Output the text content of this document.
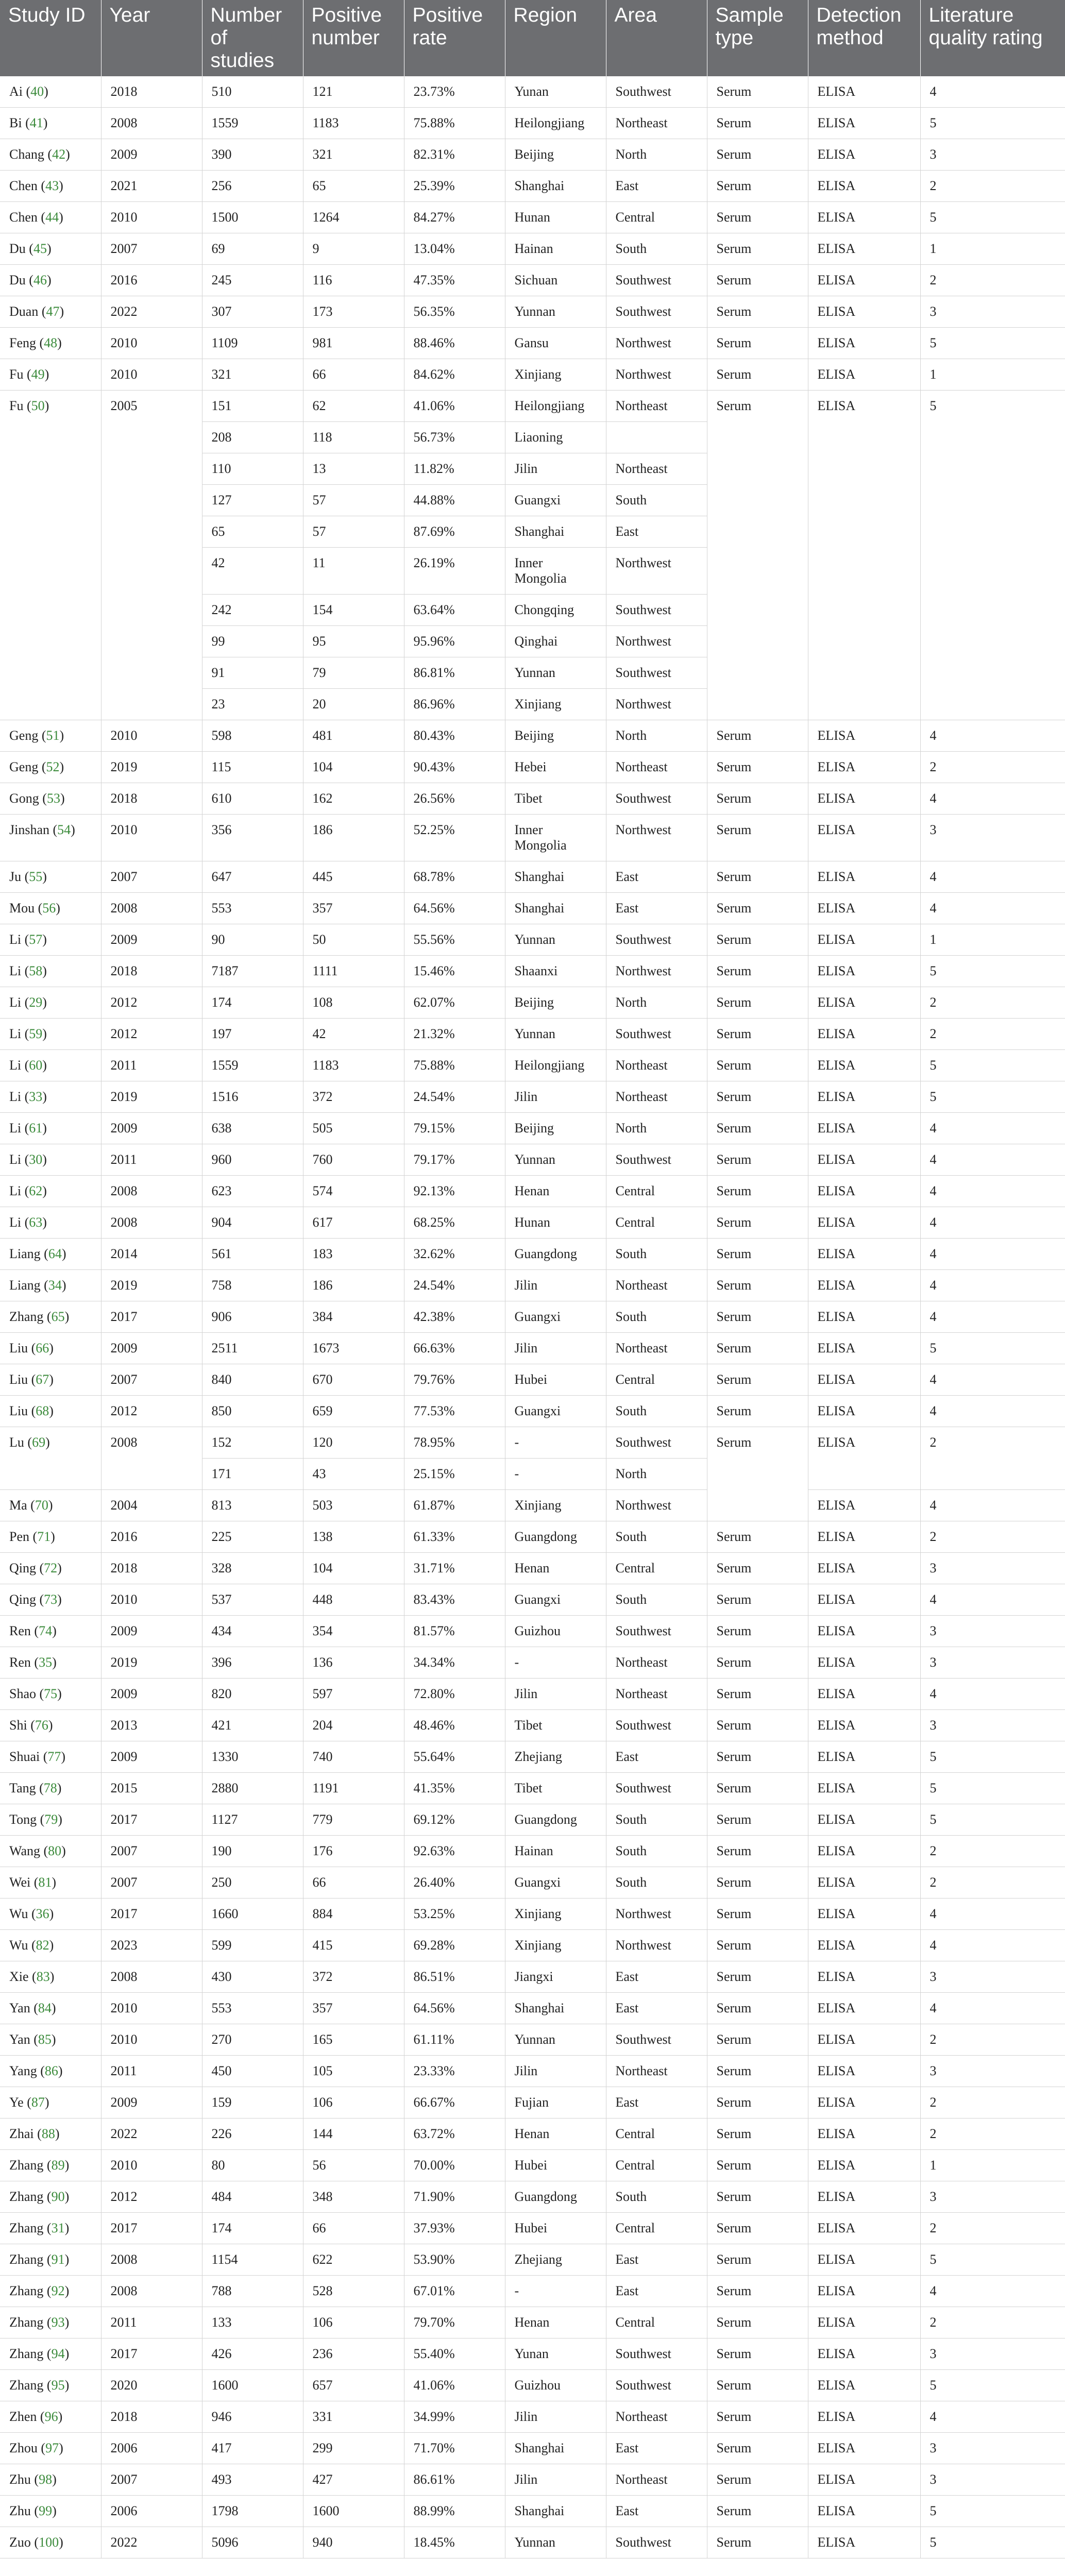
Study ID	Year	Number of studies	Positive number	Positive rate	Region	Area	Sample type	Detection method	Literature quality rating
Ai (40)	2018	510	121	23.73%	Yunan	Southwest	Serum	ELISA	4
Bi (41)	2008	1559	1183	75.88%	Heilongjiang	Northeast	Serum	ELISA	5
Chang (42)	2009	390	321	82.31%	Beijing	North	Serum	ELISA	3
Chen (43)	2021	256	65	25.39%	Shanghai	East	Serum	ELISA	2
Chen (44)	2010	1500	1264	84.27%	Hunan	Central	Serum	ELISA	5
Du (45)	2007	69	9	13.04%	Hainan	South	Serum	ELISA	1
Du (46)	2016	245	116	47.35%	Sichuan	Southwest	Serum	ELISA	2
Duan (47)	2022	307	173	56.35%	Yunnan	Southwest	Serum	ELISA	3
Feng (48)	2010	1109	981	88.46%	Gansu	Northwest	Serum	ELISA	5
Fu (49)	2010	321	66	84.62%	Xinjiang	Northwest	Serum	ELISA	1
Fu (50)	2005	151	62	41.06%	Heilongjiang	Northeast	Serum	ELISA	5
		208	118	56.73%	Liaoning				
		110	13	11.82%	Jilin	Northeast			
		127	57	44.88%	Guangxi	South			
		65	57	87.69%	Shanghai	East			
		42	11	26.19%	Inner Mongolia	Northwest			
		242	154	63.64%	Chongqing	Southwest			
		99	95	95.96%	Qinghai	Northwest			
		91	79	86.81%	Yunnan	Southwest			
		23	20	86.96%	Xinjiang	Northwest			
Geng (51)	2010	598	481	80.43%	Beijing	North	Serum	ELISA	4
Geng (52)	2019	115	104	90.43%	Hebei	Northeast	Serum	ELISA	2
Gong (53)	2018	610	162	26.56%	Tibet	Southwest	Serum	ELISA	4
Jinshan (54)	2010	356	186	52.25%	Inner Mongolia	Northwest	Serum	ELISA	3
Ju (55)	2007	647	445	68.78%	Shanghai	East	Serum	ELISA	4
Mou (56)	2008	553	357	64.56%	Shanghai	East	Serum	ELISA	4
Li (57)	2009	90	50	55.56%	Yunnan	Southwest	Serum	ELISA	1
Li (58)	2018	7187	1111	15.46%	Shaanxi	Northwest	Serum	ELISA	5
Li (29)	2012	174	108	62.07%	Beijing	North	Serum	ELISA	2
Li (59)	2012	197	42	21.32%	Yunnan	Southwest	Serum	ELISA	2
Li (60)	2011	1559	1183	75.88%	Heilongjiang	Northeast	Serum	ELISA	5
Li (33)	2019	1516	372	24.54%	Jilin	Northeast	Serum	ELISA	5
Li (61)	2009	638	505	79.15%	Beijing	North	Serum	ELISA	4
Li (30)	2011	960	760	79.17%	Yunnan	Southwest	Serum	ELISA	4
Li (62)	2008	623	574	92.13%	Henan	Central	Serum	ELISA	4
Li (63)	2008	904	617	68.25%	Hunan	Central	Serum	ELISA	4
Liang (64)	2014	561	183	32.62%	Guangdong	South	Serum	ELISA	4
Liang (34)	2019	758	186	24.54%	Jilin	Northeast	Serum	ELISA	4
Zhang (65)	2017	906	384	42.38%	Guangxi	South	Serum	ELISA	4
Liu (66)	2009	2511	1673	66.63%	Jilin	Northeast	Serum	ELISA	5
Liu (67)	2007	840	670	79.76%	Hubei	Central	Serum	ELISA	4
Liu (68)	2012	850	659	77.53%	Guangxi	South	Serum	ELISA	4
Lu (69)	2008	152	120	78.95%	-	Southwest	Serum	ELISA	2
		171	43	25.15%	-	North			
Ma (70)	2004	813	503	61.87%	Xinjiang	Northwest		ELISA	4
Pen (71)	2016	225	138	61.33%	Guangdong	South	Serum	ELISA	2
Qing (72)	2018	328	104	31.71%	Henan	Central	Serum	ELISA	3
Qing (73)	2010	537	448	83.43%	Guangxi	South	Serum	ELISA	4
Ren (74)	2009	434	354	81.57%	Guizhou	Southwest	Serum	ELISA	3
Ren (35)	2019	396	136	34.34%	-	Northeast	Serum	ELISA	3
Shao (75)	2009	820	597	72.80%	Jilin	Northeast	Serum	ELISA	4
Shi (76)	2013	421	204	48.46%	Tibet	Southwest	Serum	ELISA	3
Shuai (77)	2009	1330	740	55.64%	Zhejiang	East	Serum	ELISA	5
Tang (78)	2015	2880	1191	41.35%	Tibet	Southwest	Serum	ELISA	5
Tong (79)	2017	1127	779	69.12%	Guangdong	South	Serum	ELISA	5
Wang (80)	2007	190	176	92.63%	Hainan	South	Serum	ELISA	2
Wei (81)	2007	250	66	26.40%	Guangxi	South	Serum	ELISA	2
Wu (36)	2017	1660	884	53.25%	Xinjiang	Northwest	Serum	ELISA	4
Wu (82)	2023	599	415	69.28%	Xinjiang	Northwest	Serum	ELISA	4
Xie (83)	2008	430	372	86.51%	Jiangxi	East	Serum	ELISA	3
Yan (84)	2010	553	357	64.56%	Shanghai	East	Serum	ELISA	4
Yan (85)	2010	270	165	61.11%	Yunnan	Southwest	Serum	ELISA	2
Yang (86)	2011	450	105	23.33%	Jilin	Northeast	Serum	ELISA	3
Ye (87)	2009	159	106	66.67%	Fujian	East	Serum	ELISA	2
Zhai (88)	2022	226	144	63.72%	Henan	Central	Serum	ELISA	2
Zhang (89)	2010	80	56	70.00%	Hubei	Central	Serum	ELISA	1
Zhang (90)	2012	484	348	71.90%	Guangdong	South	Serum	ELISA	3
Zhang (31)	2017	174	66	37.93%	Hubei	Central	Serum	ELISA	2
Zhang (91)	2008	1154	622	53.90%	Zhejiang	East	Serum	ELISA	5
Zhang (92)	2008	788	528	67.01%	-	East	Serum	ELISA	4
Zhang (93)	2011	133	106	79.70%	Henan	Central	Serum	ELISA	2
Zhang (94)	2017	426	236	55.40%	Yunan	Southwest	Serum	ELISA	3
Zhang (95)	2020	1600	657	41.06%	Guizhou	Southwest	Serum	ELISA	5
Zhen (96)	2018	946	331	34.99%	Jilin	Northeast	Serum	ELISA	4
Zhou (97)	2006	417	299	71.70%	Shanghai	East	Serum	ELISA	3
Zhu (98)	2007	493	427	86.61%	Jilin	Northeast	Serum	ELISA	3
Zhu (99)	2006	1798	1600	88.99%	Shanghai	East	Serum	ELISA	5
Zuo (100)	2022	5096	940	18.45%	Yunnan	Southwest	Serum	ELISA	5
